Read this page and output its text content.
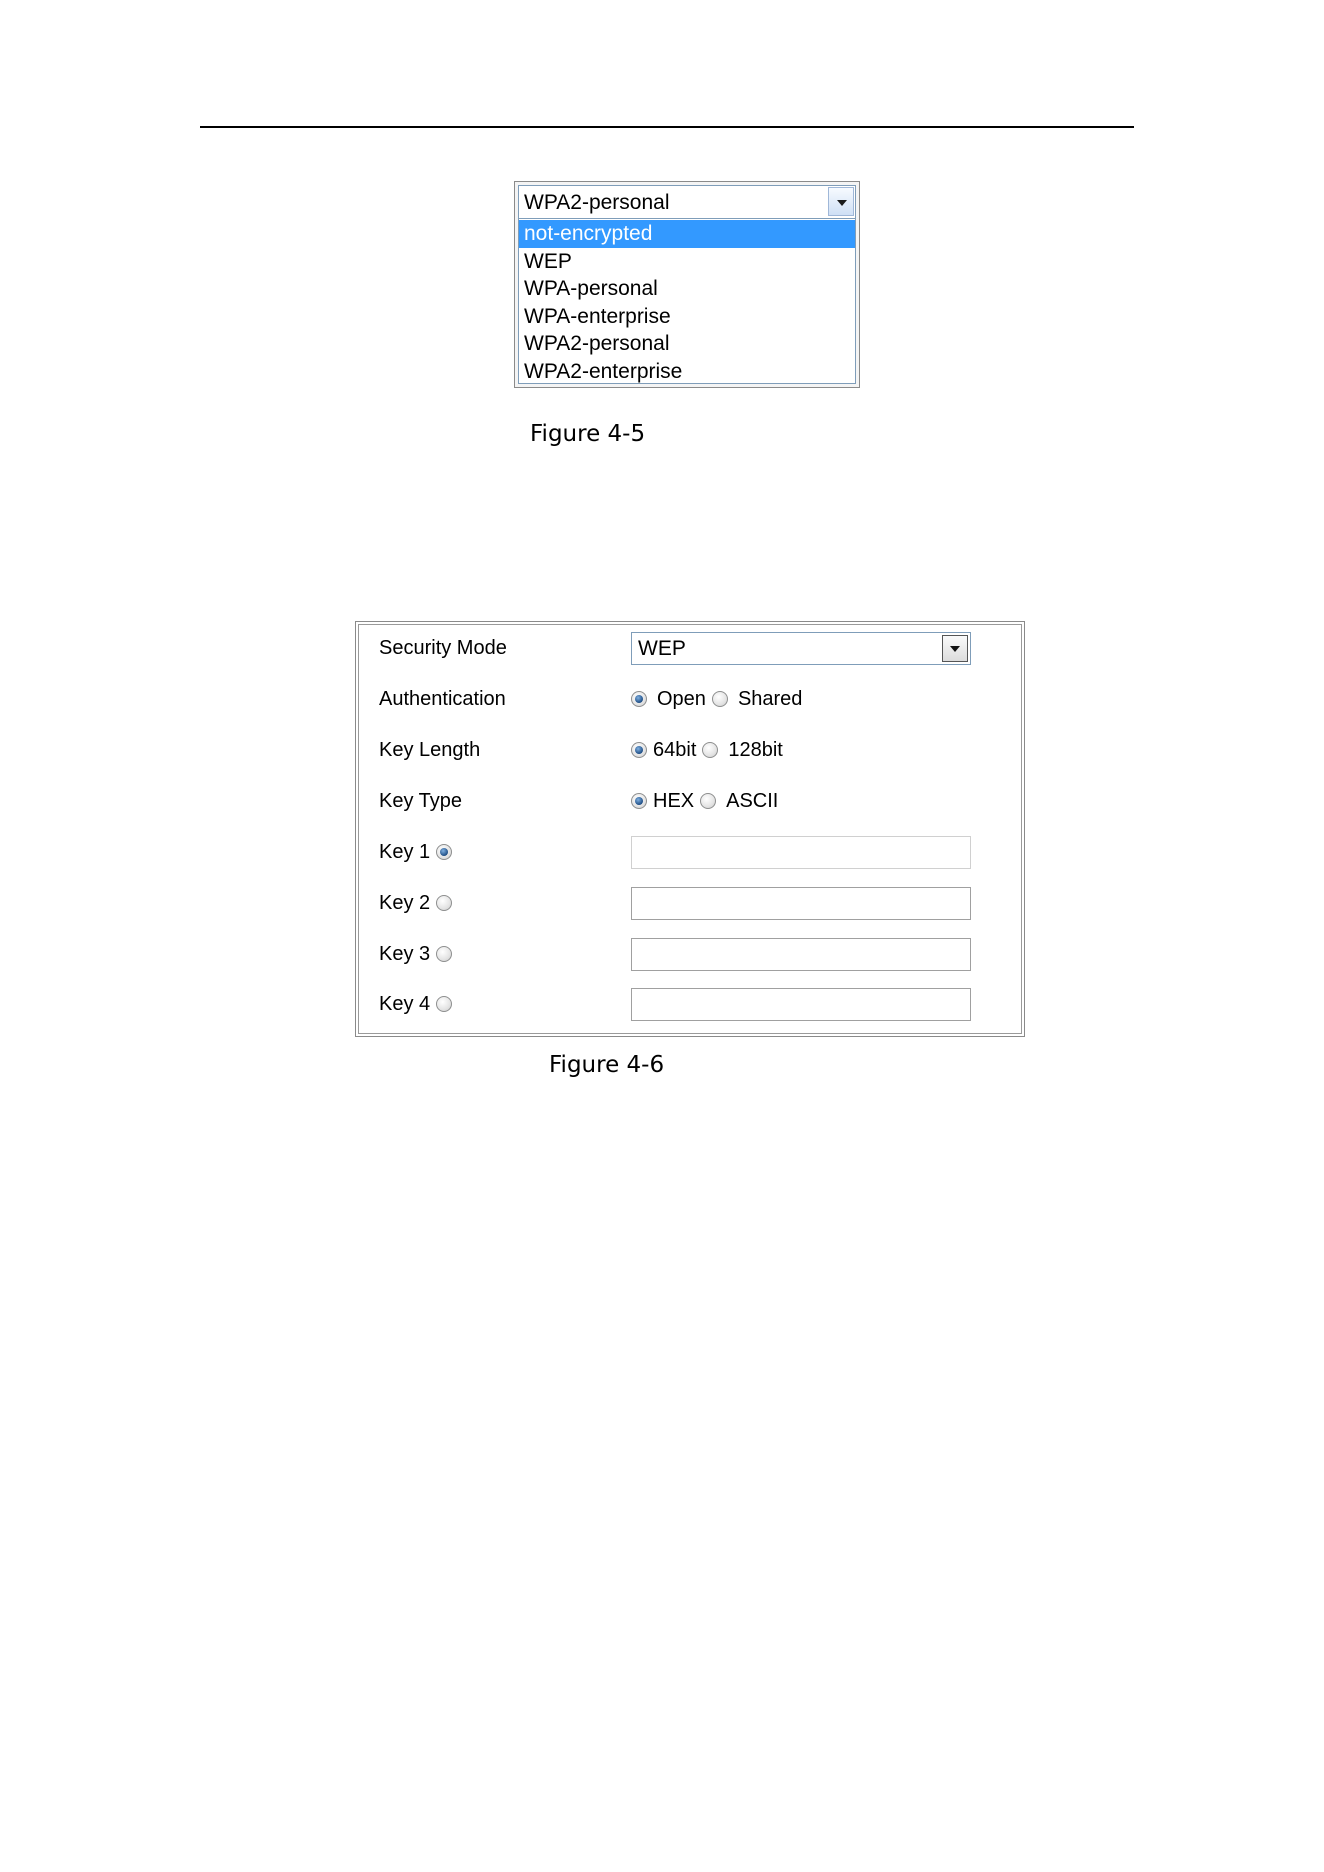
WPA2-personal
not-encrypted
WEP
WPA-personal
WPA-enterprise
WPA2-personal
WPA2-enterprise
Figure 4-5
Security Mode	WEP
Authentication	Open Shared
Key Length	64bit 128bit
Key Type	HEX ASCII
Key 1
Key 2
Key 3
Key 4
Figure 4-6
